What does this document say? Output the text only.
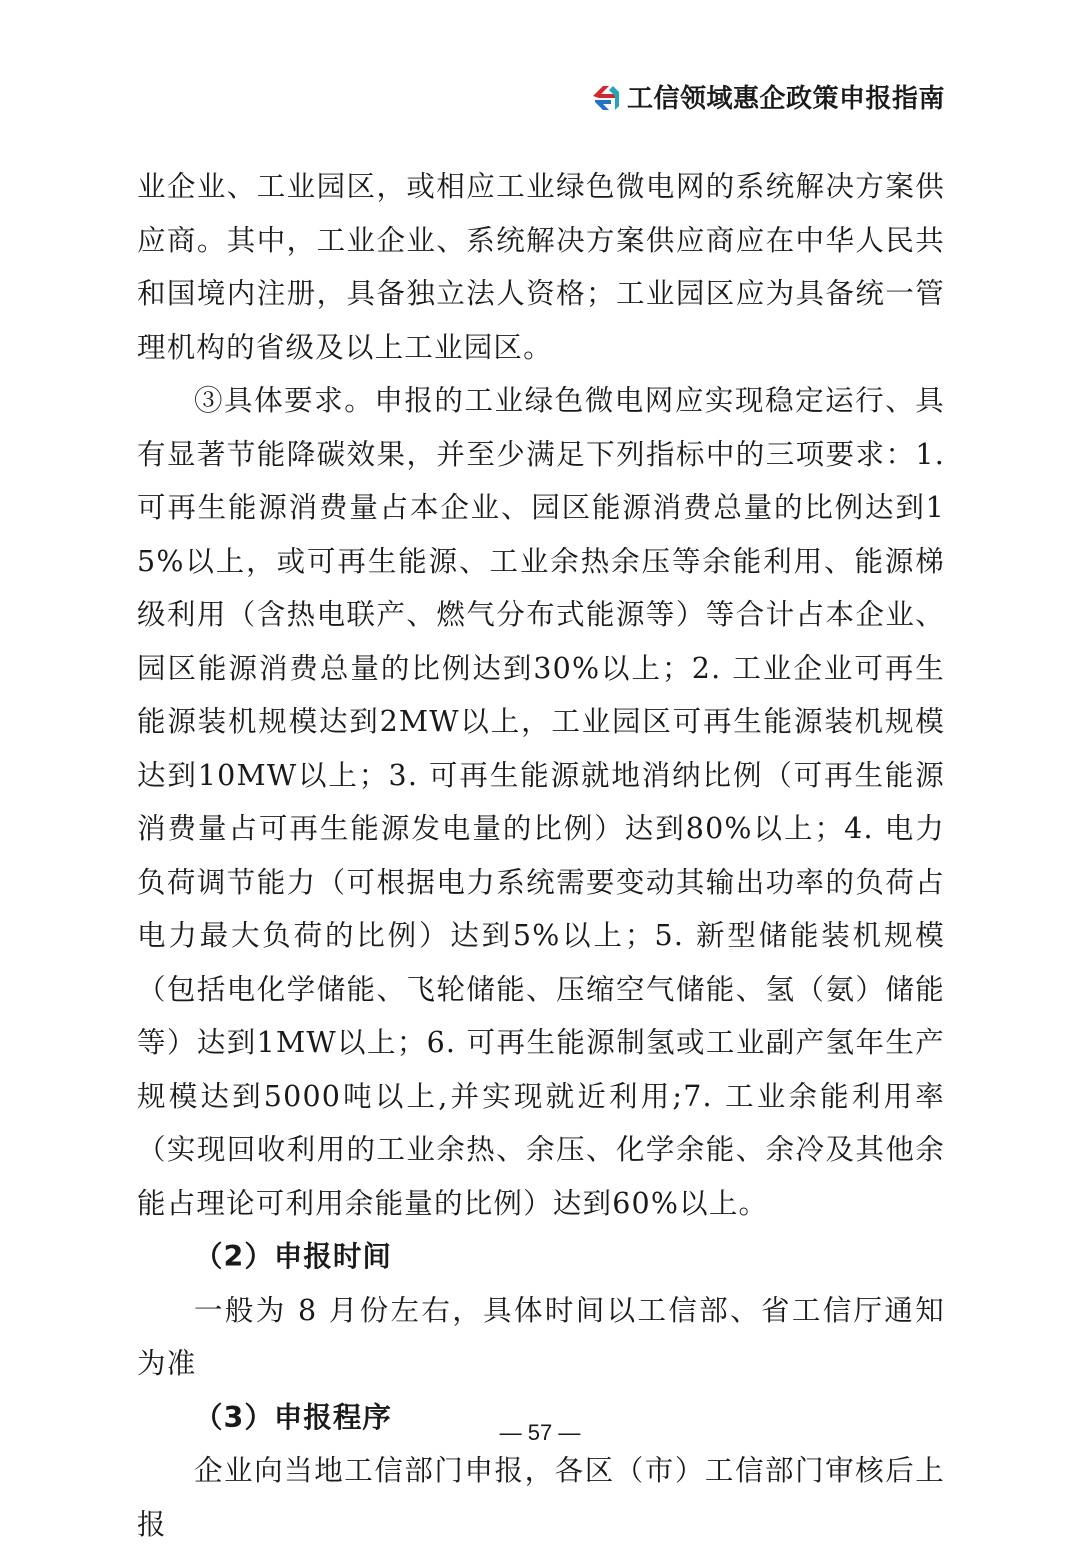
工信领域惠企政策申报指南

业企业、工业园区，或相应工业绿色微电网的系统解决方案供应商。其中，工业企业、系统解决方案供应商应在中华人民共和国境内注册，具备独立法人资格；工业园区应为具备统一管理机构的省级及以上工业园区。

③具体要求。申报的工业绿色微电网应实现稳定运行、具有显著节能降碳效果，并至少满足下列指标中的三项要求：1. 可再生能源消费量占本企业、园区能源消费总量的比例达到15%以上，或可再生能源、工业余热余压等余能利用、能源梯级利用（含热电联产、燃气分布式能源等）等合计占本企业、园区能源消费总量的比例达到30%以上；2. 工业企业可再生能源装机规模达到2MW以上，工业园区可再生能源装机规模达到10MW以上；3. 可再生能源就地消纳比例（可再生能源消费量占可再生能源发电量的比例）达到80%以上；4. 电力负荷调节能力（可根据电力系统需要变动其输出功率的负荷占电力最大负荷的比例）达到5%以上；5. 新型储能装机规模（包括电化学储能、飞轮储能、压缩空气储能、氢（氨）储能等）达到1MW以上；6. 可再生能源制氢或工业副产氢年生产规模达到5000吨以上,并实现就近利用;7. 工业余能利用率（实现回收利用的工业余热、余压、化学余能、余冷及其他余能占理论可利用余能量的比例）达到60%以上。

（2）申报时间

一般为 8 月份左右，具体时间以工信部、省工信厅通知为准

（3）申报程序

企业向当地工信部门申报，各区（市）工信部门审核后上报

— 57 —
